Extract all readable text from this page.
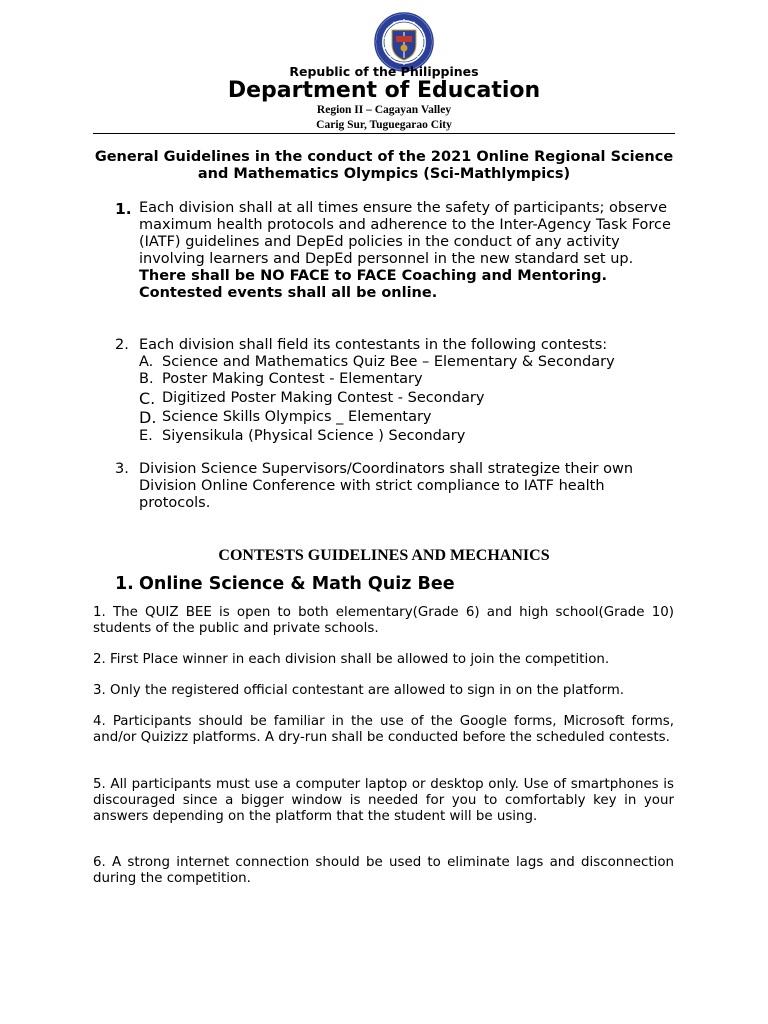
Republic of the Philippines
Department of Education
Region II – Cagayan Valley
Carig Sur, Tuguegarao City
General Guidelines in the conduct of the 2021 Online Regional Science and Mathematics Olympics (Sci-Mathlympics)
1. Each division shall at all times ensure the safety of participants; observe maximum health protocols and adherence to the Inter-Agency Task Force (IATF) guidelines and DepEd policies in the conduct of any activity involving learners and DepEd personnel in the new standard set up. There shall be NO FACE to FACE Coaching and Mentoring. Contested events shall all be online.
2. Each division shall field its contestants in the following contests:
A. Science and Mathematics Quiz Bee – Elementary & Secondary
B. Poster Making Contest - Elementary
C. Digitized Poster Making Contest - Secondary
D. Science Skills Olympics _ Elementary
E. Siyensikula (Physical Science ) Secondary
3. Division Science Supervisors/Coordinators shall strategize their own Division Online Conference with strict compliance to IATF health protocols.
CONTESTS GUIDELINES AND MECHANICS
1. Online Science & Math Quiz Bee
1. The QUIZ BEE is open to both elementary(Grade 6) and high school(Grade 10) students of the public and private schools.
2. First Place winner in each division shall be allowed to join the competition.
3. Only the registered official contestant are allowed to sign in on the platform.
4. Participants should be familiar in the use of the Google forms, Microsoft forms, and/or Quizizz platforms. A dry-run shall be conducted before the scheduled contests.
5. All participants must use a computer laptop or desktop only. Use of smartphones is discouraged since a bigger window is needed for you to comfortably key in your answers depending on the platform that the student will be using.
6. A strong internet connection should be used to eliminate lags and disconnection during the competition.
